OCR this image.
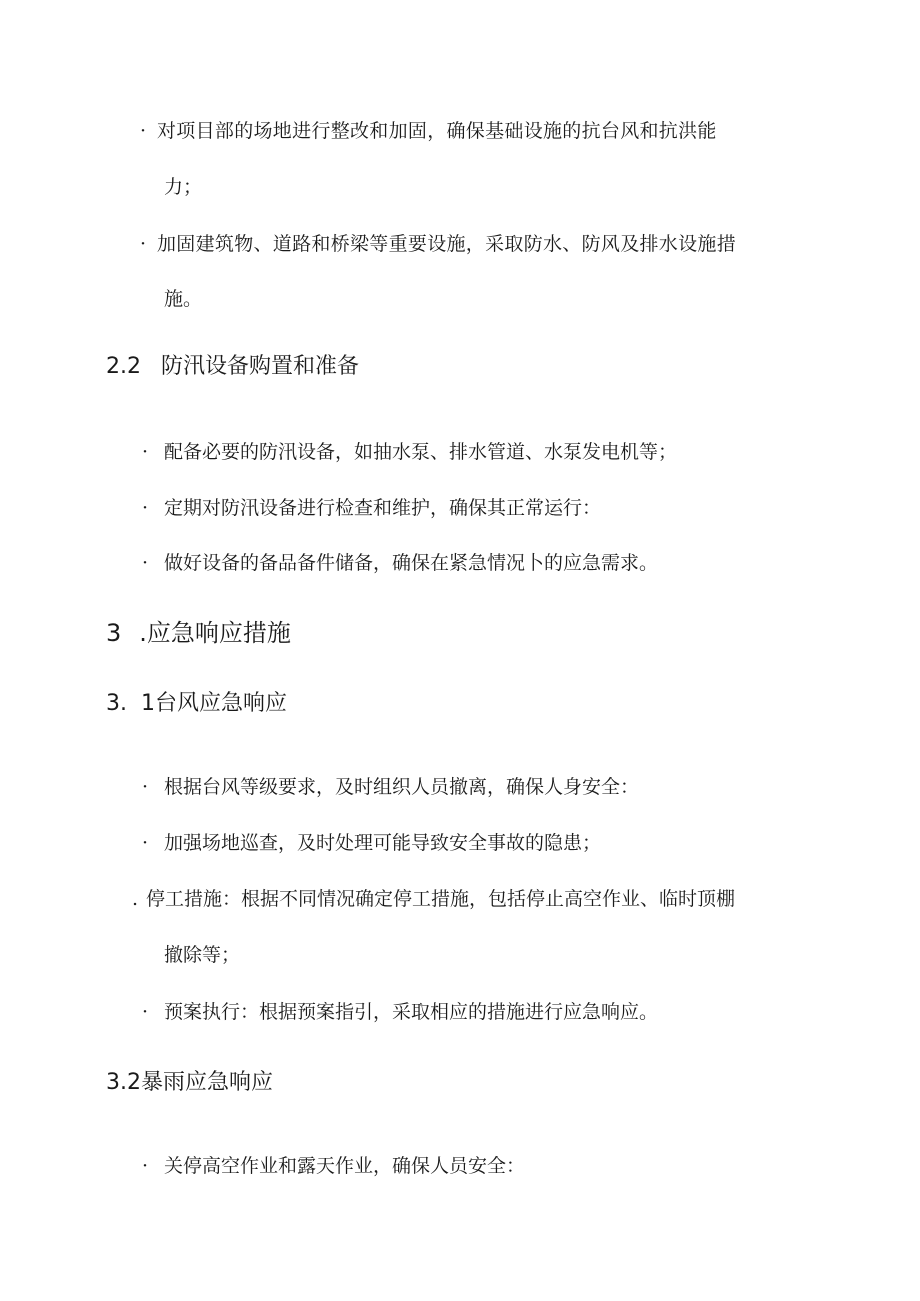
· 对项目部的场地进行整改和加固，确保基础设施的抗台风和抗洪能
力；
· 加固建筑物、道路和桥梁等重要设施，采取防水、防风及排水设施措
施。
2.2 防汛设备购置和准备
· 配备必要的防汛设备，如抽水泵、排水管道、水泵发电机等；
· 定期对防汛设备进行检查和维护，确保其正常运行：
· 做好设备的备品备件储备，确保在紧急情况卜的应急需求。
3 .应急响应措施
3. 1台风应急响应
· 根据台风等级要求，及时组织人员撤离，确保人身安全：
· 加强场地巡查，及时处理可能导致安全事故的隐患；
. 停工措施：根据不同情况确定停工措施，包括停止高空作业、临时顶棚
撤除等；
· 预案执行：根据预案指引，采取相应的措施进行应急响应。
3.2暴雨应急响应
· 关停高空作业和露天作业，确保人员安全：
